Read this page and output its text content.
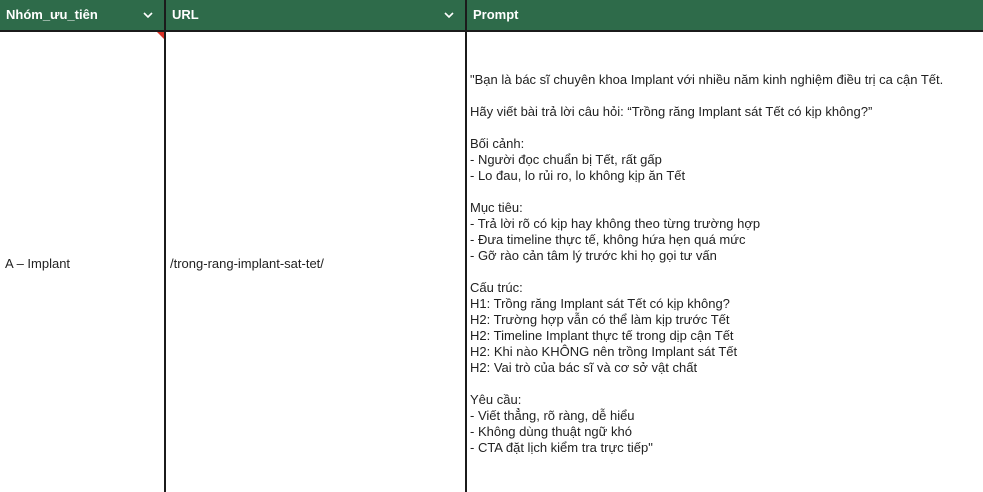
Nhóm_ưu_tiên	URL	Prompt
A – Implant	/trong-rang-implant-sat-tet/
"Bạn là bác sĩ chuyên khoa Implant với nhiều năm kinh nghiệm điều trị ca cận Tết.
Hãy viết bài trả lời câu hỏi: “Trồng răng Implant sát Tết có kịp không?”
Bối cảnh:
- Người đọc chuẩn bị Tết, rất gấp
- Lo đau, lo rủi ro, lo không kịp ăn Tết
Mục tiêu:
- Trả lời rõ có kịp hay không theo từng trường hợp
- Đưa timeline thực tế, không hứa hẹn quá mức
- Gỡ rào cản tâm lý trước khi họ gọi tư vấn
Cấu trúc:
H1: Trồng răng Implant sát Tết có kịp không?
H2: Trường hợp vẫn có thể làm kịp trước Tết
H2: Timeline Implant thực tế trong dịp cận Tết
H2: Khi nào KHÔNG nên trồng Implant sát Tết
H2: Vai trò của bác sĩ và cơ sở vật chất
Yêu cầu:
- Viết thẳng, rõ ràng, dễ hiểu
- Không dùng thuật ngữ khó
- CTA đặt lịch kiểm tra trực tiếp"
